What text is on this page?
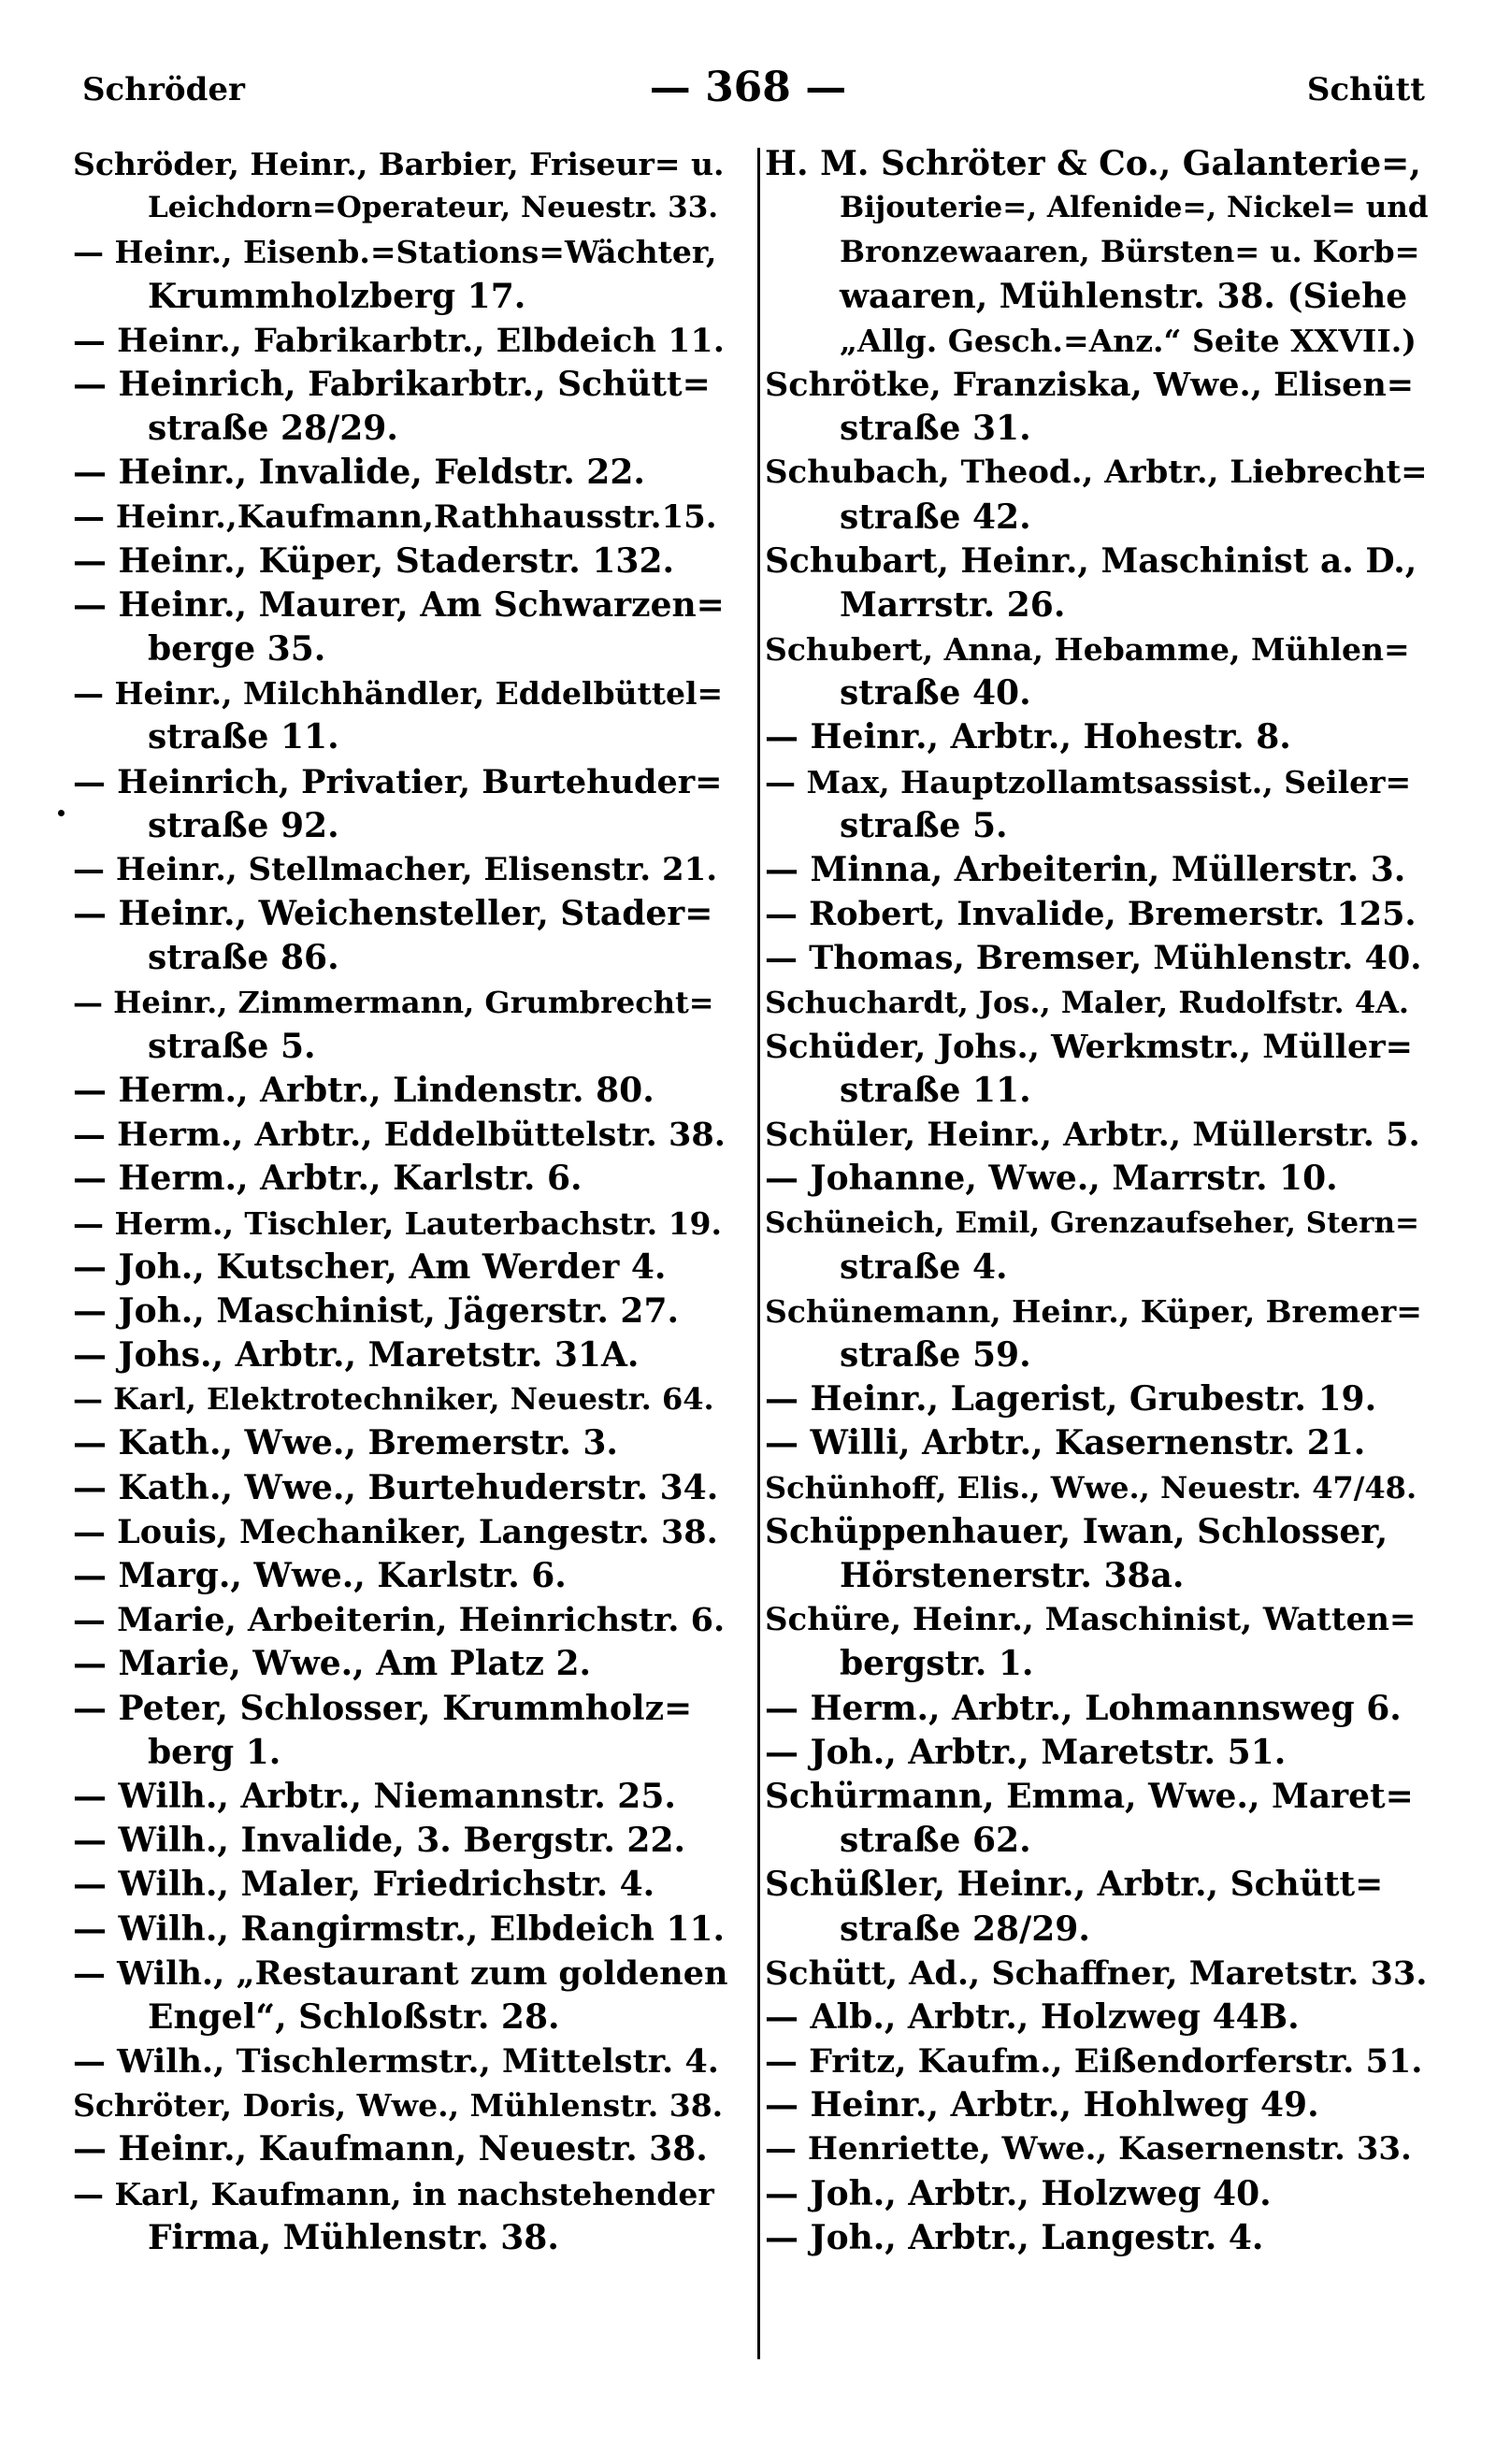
Schröder	— 368 —	Schütt
Schröder, Heinr., Barbier, Friseur= u.
Leichdorn=Operateur, Neuestr. 33.
— Heinr., Eisenb.=Stations=Wächter,
Krummholzberg 17.
— Heinr., Fabrikarbtr., Elbdeich 11.
— Heinrich, Fabrikarbtr., Schütt=
straße 28/29.
— Heinr., Invalide, Feldstr. 22.
— Heinr.,Kaufmann,Rathhausstr.15.
— Heinr., Küper, Staderstr. 132.
— Heinr., Maurer, Am Schwarzen=
berge 35.
— Heinr., Milchhändler, Eddelbüttel=
straße 11.
— Heinrich, Privatier, Burtehuder=
straße 92.
— Heinr., Stellmacher, Elisenstr. 21.
— Heinr., Weichensteller, Stader=
straße 86.
— Heinr., Zimmermann, Grumbrecht=
straße 5.
— Herm., Arbtr., Lindenstr. 80.
— Herm., Arbtr., Eddelbüttelstr. 38.
— Herm., Arbtr., Karlstr. 6.
— Herm., Tischler, Lauterbachstr. 19.
— Joh., Kutscher, Am Werder 4.
— Joh., Maschinist, Jägerstr. 27.
— Johs., Arbtr., Maretstr. 31A.
— Karl, Elektrotechniker, Neuestr. 64.
— Kath., Wwe., Bremerstr. 3.
— Kath., Wwe., Burtehuderstr. 34.
— Louis, Mechaniker, Langestr. 38.
— Marg., Wwe., Karlstr. 6.
— Marie, Arbeiterin, Heinrichstr. 6.
— Marie, Wwe., Am Platz 2.
— Peter, Schlosser, Krummholz=
berg 1.
— Wilh., Arbtr., Niemannstr. 25.
— Wilh., Invalide, 3. Bergstr. 22.
— Wilh., Maler, Friedrichstr. 4.
— Wilh., Rangirmstr., Elbdeich 11.
— Wilh., „Restaurant zum goldenen
Engel“, Schloßstr. 28.
— Wilh., Tischlermstr., Mittelstr. 4.
Schröter, Doris, Wwe., Mühlenstr. 38.
— Heinr., Kaufmann, Neuestr. 38.
— Karl, Kaufmann, in nachstehender
Firma, Mühlenstr. 38.
H. M. Schröter & Co., Galanterie=,
Bijouterie=, Alfenide=, Nickel= und
Bronzewaaren, Bürsten= u. Korb=
waaren, Mühlenstr. 38. (Siehe
„Allg. Gesch.=Anz.“ Seite XXVII.)
Schrötke, Franziska, Wwe., Elisen=
straße 31.
Schubach, Theod., Arbtr., Liebrecht=
straße 42.
Schubart, Heinr., Maschinist a. D.,
Marrstr. 26.
Schubert, Anna, Hebamme, Mühlen=
straße 40.
— Heinr., Arbtr., Hohestr. 8.
— Max, Hauptzollamtsassist., Seiler=
straße 5.
— Minna, Arbeiterin, Müllerstr. 3.
— Robert, Invalide, Bremerstr. 125.
— Thomas, Bremser, Mühlenstr. 40.
Schuchardt, Jos., Maler, Rudolfstr. 4A.
Schüder, Johs., Werkmstr., Müller=
straße 11.
Schüler, Heinr., Arbtr., Müllerstr. 5.
— Johanne, Wwe., Marrstr. 10.
Schüneich, Emil, Grenzaufseher, Stern=
straße 4.
Schünemann, Heinr., Küper, Bremer=
straße 59.
— Heinr., Lagerist, Grubestr. 19.
— Willi, Arbtr., Kasernenstr. 21.
Schünhoff, Elis., Wwe., Neuestr. 47/48.
Schüppenhauer, Iwan, Schlosser,
Hörstenerstr. 38a.
Schüre, Heinr., Maschinist, Watten=
bergstr. 1.
— Herm., Arbtr., Lohmannsweg 6.
— Joh., Arbtr., Maretstr. 51.
Schürmann, Emma, Wwe., Maret=
straße 62.
Schüßler, Heinr., Arbtr., Schütt=
straße 28/29.
Schütt, Ad., Schaffner, Maretstr. 33.
— Alb., Arbtr., Holzweg 44B.
— Fritz, Kaufm., Eißendorferstr. 51.
— Heinr., Arbtr., Hohlweg 49.
— Henriette, Wwe., Kasernenstr. 33.
— Joh., Arbtr., Holzweg 40.
— Joh., Arbtr., Langestr. 4.
